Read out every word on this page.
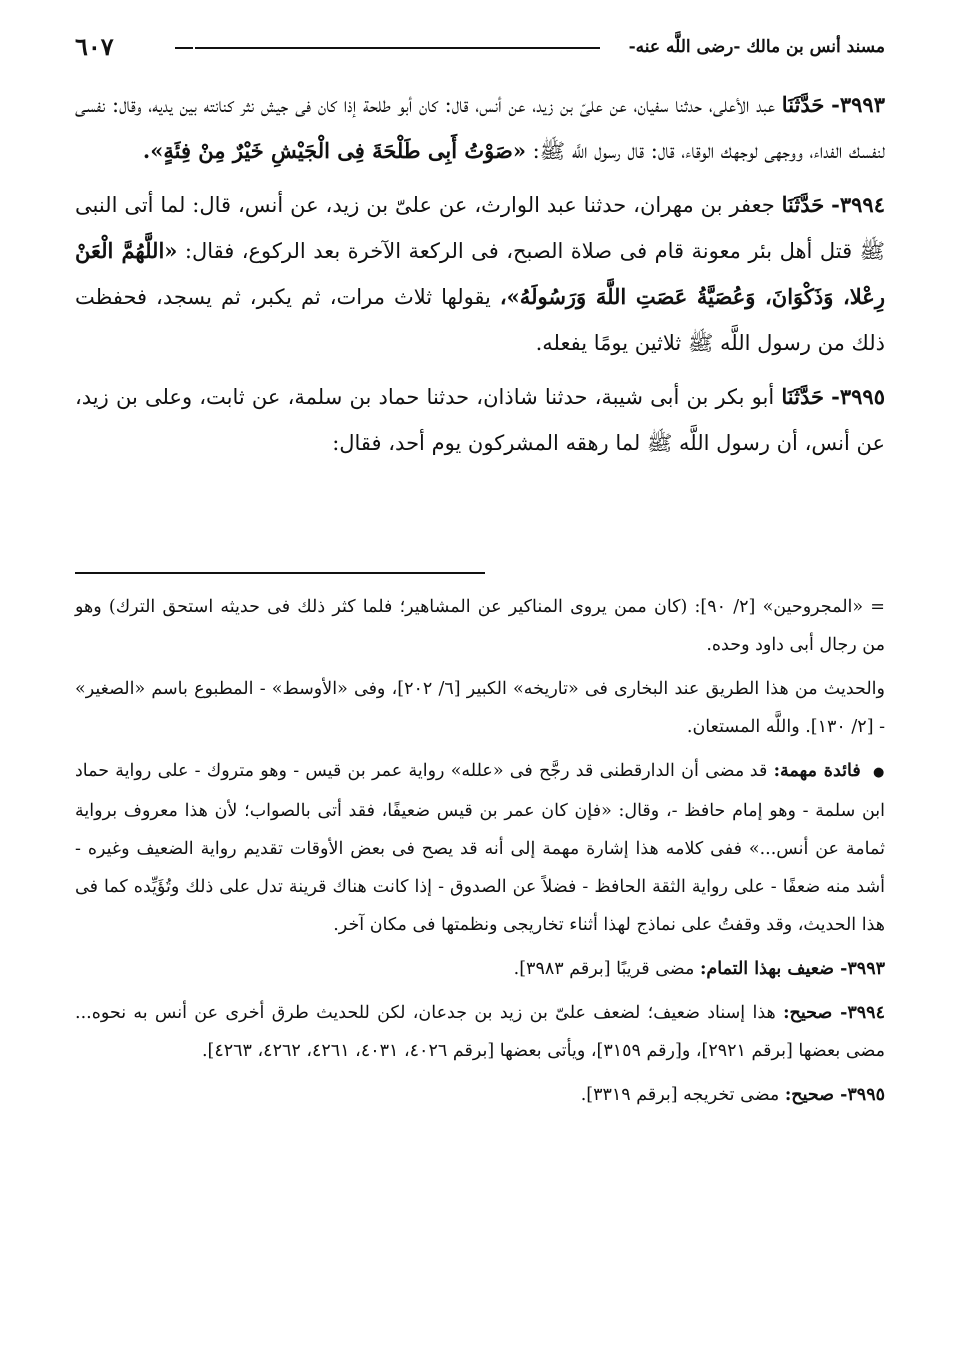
مسند أنس بن مالك -رضى اللَّه عنه-
٦٠٧

٣٩٩٣- حَدَّثَنَا عبد الأعلى، حدثنا سفيان، عن علىّ بن زيد، عن أنس، قال: كان أبو طلحة إذا كان فى جيش نثر كنانته بين يديه، وقال: نفسى لنفسك الفداء، ووجهى لوجهك الوقاء، قال: قال رسول اللَّه ﷺ: «صَوْتُ أَبِى طَلْحَةَ فِى الْجَيْشِ خَيْرٌ مِنْ فِئَةٍ».

٣٩٩٤- حَدَّثَنَا جعفر بن مهران، حدثنا عبد الوارث، عن علىّ بن زيد، عن أنس، قال: لما أتى النبى ﷺ قتل أهل بئر معونة قام فى صلاة الصبح، فى الركعة الآخرة بعد الركوع، فقال: «اللَّهُمَّ الْعَنْ رِعْلا، وَذَكْوَانَ، وَعُصَيَّةُ عَصَتِ اللَّهَ وَرَسُولَهُ»، يقولها ثلاث مرات، ثم يكبر، ثم يسجد، فحفظت ذلك من رسول اللَّه ﷺ ثلاثين يومًا يفعله.

٣٩٩٥- حَدَّثَنَا أبو بكر بن أبى شيبة، حدثنا شاذان، حدثنا حماد بن سلمة، عن ثابت، وعلى بن زيد، عن أنس، أن رسول اللَّه ﷺ لما رهقه المشركون يوم أحد، فقال:

= «المجروحين» [٢/ ٩٠]: (كان ممن يروى المناكير عن المشاهير؛ فلما كثر ذلك فى حديثه استحق الترك) وهو من رجال أبى داود وحده.

والحديث من هذا الطريق عند البخارى فى «تاريخه» الكبير [٦/ ٢٠٢]، وفى «الأوسط» - المطبوع باسم «الصغير» - [٢/ ١٣٠]. واللَّه المستعان.

● فائدة مهمة: قد مضى أن الدارقطنى قد رجَّح فى «علله» رواية عمر بن قيس - وهو متروك - على رواية حماد ابن سلمة - وهو إمام حافظ -، وقال: «فإن كان عمر بن قيس ضعيفًا، فقد أتى بالصواب؛ لأن هذا معروف برواية ثمامة عن أنس...» ففى كلامه هذا إشارة مهمة إلى أنه قد يصح فى بعض الأوقات تقديم رواية الضعيف وغيره - أشد منه ضعفًا - على رواية الثقة الحافظ - فضلاً عن الصدوق - إذا كانت هناك قرينة تدل على ذلك وتُؤَيِّده كما فى هذا الحديث، وقد وقفتُ على نماذج لهذا أثناء تخاريجى ونظمتها فى مكان آخر.

٣٩٩٣- ضعيف بهذا التمام: مضى قريبًا [برقم ٣٩٨٣].

٣٩٩٤- صحيح: هذا إسناد ضعيف؛ لضعف علىّ بن زيد بن جدعان، لكن للحديث طرق أخرى عن أنس به نحوه... مضى بعضها [برقم ٢٩٢١]، و[رقم ٣١٥٩]، ويأتى بعضها [برقم ٤٠٢٦، ٤٠٣١، ٤٢٦١، ٤٢٦٢، ٤٢٦٣].

٣٩٩٥- صحيح: مضى تخريجه [برقم ٣٣١٩].
